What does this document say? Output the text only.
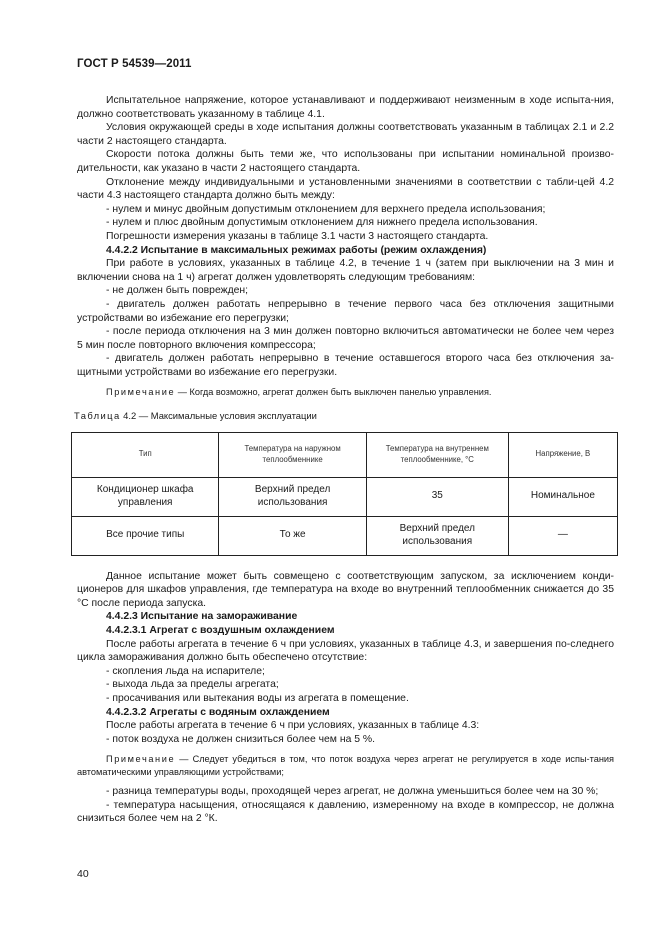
ГОСТ Р 54539—2011

Испытательное напряжение, которое устанавливают и поддерживают неизменным в ходе испыта-ния, должно соответствовать указанному в таблице 4.1.

Условия окружающей среды в ходе испытания должны соответствовать указанным в таблицах 2.1 и 2.2 части 2 настоящего стандарта.

Скорости потока должны быть теми же, что использованы при испытании номинальной произво-дительности, как указано в части 2 настоящего стандарта.

Отклонение между индивидуальными и установленными значениями в соответствии с табли-цей 4.2 части 4.3 настоящего стандарта должно быть между:

- нулем и минус двойным допустимым отклонением для верхнего предела использования;

- нулем и плюс двойным допустимым отклонением для нижнего предела использования.

Погрешности измерения указаны в таблице 3.1 части 3 настоящего стандарта.

4.4.2.2 Испытание в максимальных режимах работы (режим охлаждения)

При работе в условиях, указанных в таблице 4.2, в течение 1 ч (затем при выключении на 3 мин и включении снова на 1 ч) агрегат должен удовлетворять следующим требованиям:

- не должен быть поврежден;

- двигатель должен работать непрерывно в течение первого часа без отключения защитными устройствами во избежание его перегрузки;

- после периода отключения на 3 мин должен повторно включиться автоматически не более чем через 5 мин после повторного включения компрессора;

- двигатель должен работать непрерывно в течение оставшегося второго часа без отключения за-щитными устройствами во избежание его перегрузки.

Примечание — Когда возможно, агрегат должен быть выключен панелью управления.

Таблица 4.2 — Максимальные условия эксплуатации

Тип	Температура на наружном теплообменнике	Температура на внутреннем теплообменнике, °С	Напряжение, В
Кондиционер шкафа управления	Верхний предел использования	35	Номинальное
Все прочие типы	То же	Верхний предел использования	—

Данное испытание может быть совмещено с соответствующим запуском, за исключением конди-ционеров для шкафов управления, где температура на входе во внутренний теплообменник снижается до 35 °С после периода запуска.

4.4.2.3 Испытание на замораживание

4.4.2.3.1 Агрегат с воздушным охлаждением

После работы агрегата в течение 6 ч при условиях, указанных в таблице 4.3, и завершения по-следнего цикла замораживания должно быть обеспечено отсутствие:

- скопления льда на испарителе;

- выхода льда за пределы агрегата;

- просачивания или вытекания воды из агрегата в помещение.

4.4.2.3.2 Агрегаты с водяным охлаждением

После работы агрегата в течение 6 ч при условиях, указанных в таблице 4.3:

- поток воздуха не должен снизиться более чем на 5 %.

Примечание — Следует убедиться в том, что поток воздуха через агрегат не регулируется в ходе испы-тания автоматическими управляющими устройствами;

- разница температуры воды, проходящей через агрегат, не должна уменьшиться более чем на 30 %;

- температура насыщения, относящаяся к давлению, измеренному на входе в компрессор, не должна снизиться более чем на 2 °К.

40
